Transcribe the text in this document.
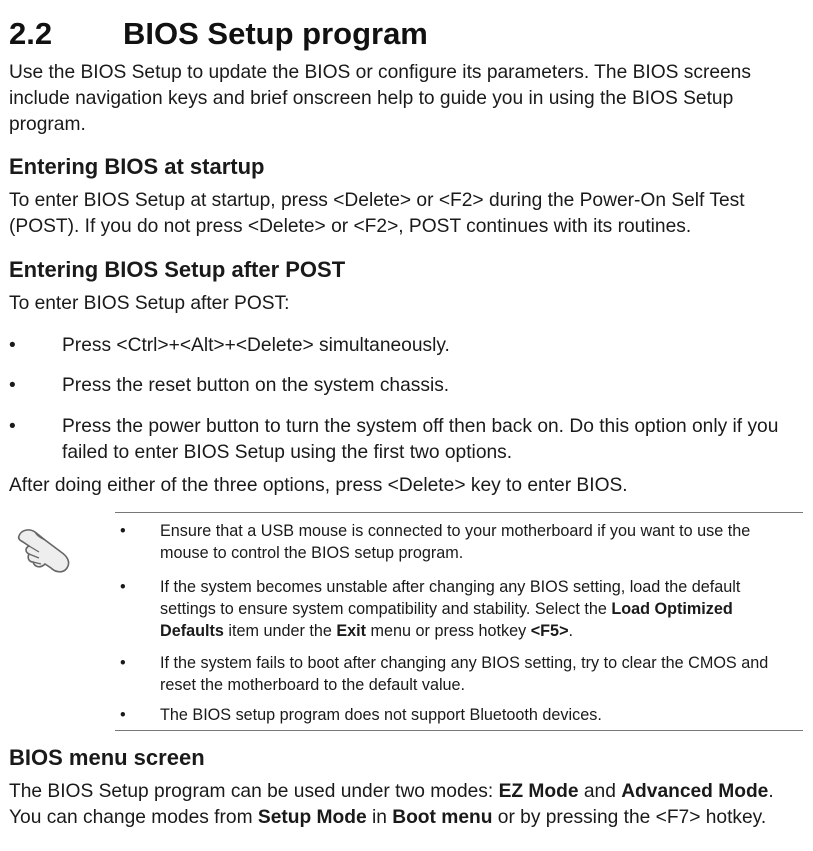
2.2 BIOS Setup program

Use the BIOS Setup to update the BIOS or configure its parameters. The BIOS screens include navigation keys and brief onscreen help to guide you in using the BIOS Setup program.

Entering BIOS at startup

To enter BIOS Setup at startup, press <Delete> or <F2> during the Power-On Self Test (POST). If you do not press <Delete> or <F2>, POST continues with its routines.

Entering BIOS Setup after POST

To enter BIOS Setup after POST:

• Press <Ctrl>+<Alt>+<Delete> simultaneously.
• Press the reset button on the system chassis.
• Press the power button to turn the system off then back on. Do this option only if you failed to enter BIOS Setup using the first two options.

After doing either of the three options, press <Delete> key to enter BIOS.

• Ensure that a USB mouse is connected to your motherboard if you want to use the mouse to control the BIOS setup program.
• If the system becomes unstable after changing any BIOS setting, load the default settings to ensure system compatibility and stability. Select the Load Optimized Defaults item under the Exit menu or press hotkey <F5>.
• If the system fails to boot after changing any BIOS setting, try to clear the CMOS and reset the motherboard to the default value.
• The BIOS setup program does not support Bluetooth devices.
BIOS menu screen

The BIOS Setup program can be used under two modes: EZ Mode and Advanced Mode.
You can change modes from Setup Mode in Boot menu or by pressing the <F7> hotkey.
